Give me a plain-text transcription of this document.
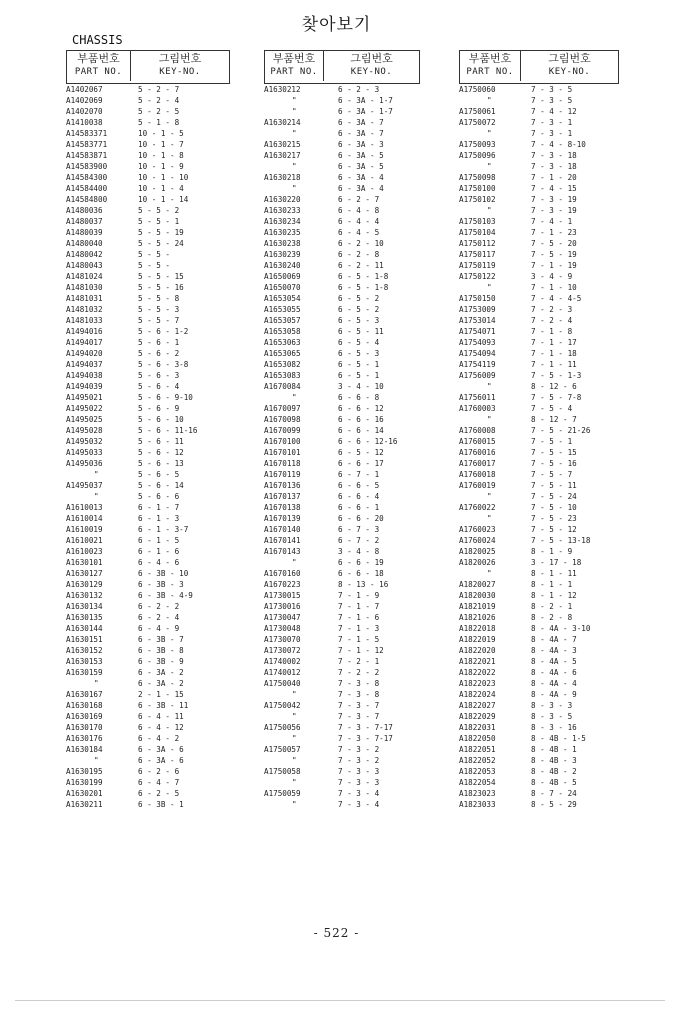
찾아보기
CHASSIS
부품번호
PART NO.
그림번호
KEY-NO.
A1402067	5 - 2 - 7
A1402069	5 - 2 - 4
A1402070	5 - 2 - 5
A1410038	5 - 1 - 8
A14583371	10 - 1 - 5
A14583771	10 - 1 - 7
A14583871	10 - 1 - 8
A14583900	10 - 1 - 9
A14584300	10 - 1 - 10
A14584400	10 - 1 - 4
A14584800	10 - 1 - 14
A1480036	5 - 5 - 2
A1480037	5 - 5 - 1
A1480039	5 - 5 - 19
A1480040	5 - 5 - 24
A1480042	5 - 5 -
A1480043	5 - 5 -
A1481024	5 - 5 - 15
A1481030	5 - 5 - 16
A1481031	5 - 5 - 8
A1481032	5 - 5 - 3
A1481033	5 - 5 - 7
A1494016	5 - 6 - 1-2
A1494017	5 - 6 - 1
A1494020	5 - 6 - 2
A1494037	5 - 6 - 3-8
A1494038	5 - 6 - 3
A1494039	5 - 6 - 4
A1495021	5 - 6 - 9-10
A1495022	5 - 6 - 9
A1495025	5 - 6 - 10
A1495028	5 - 6 - 11-16
A1495032	5 - 6 - 11
A1495033	5 - 6 - 12
A1495036	5 - 6 - 13
"	5 - 6 - 5
A1495037	5 - 6 - 14
"	5 - 6 - 6
A1610013	6 - 1 - 7
A1610014	6 - 1 - 3
A1610019	6 - 1 - 3-7
A1610021	6 - 1 - 5
A1610023	6 - 1 - 6
A1630101	6 - 4 - 6
A1630127	6 - 3B - 10
A1630129	6 - 3B - 3
A1630132	6 - 3B - 4-9
A1630134	6 - 2 - 2
A1630135	6 - 2 - 4
A1630144	6 - 4 - 9
A1630151	6 - 3B - 7
A1630152	6 - 3B - 8
A1630153	6 - 3B - 9
A1630159	6 - 3A - 2
"	6 - 3A - 2
A1630167	2 - 1 - 15
A1630168	6 - 3B - 11
A1630169	6 - 4 - 11
A1630170	6 - 4 - 12
A1630176	6 - 4 - 2
A1630184	6 - 3A - 6
"	6 - 3A - 6
A1630195	6 - 2 - 6
A1630199	6 - 4 - 7
A1630201	6 - 2 - 5
A1630211	6 - 3B - 1
부품번호
PART NO.
그림번호
KEY-NO.
A1630212	6 - 2 - 3
"	6 - 3A - 1-7
"	6 - 3A - 1-7
A1630214	6 - 3A - 7
"	6 - 3A - 7
A1630215	6 - 3A - 3
A1630217	6 - 3A - 5
"	6 - 3A - 5
A1630218	6 - 3A - 4
"	6 - 3A - 4
A1630220	6 - 2 - 7
A1630233	6 - 4 - 8
A1630234	6 - 4 - 4
A1630235	6 - 4 - 5
A1630238	6 - 2 - 10
A1630239	6 - 2 - 8
A1630240	6 - 2 - 11
A1650069	6 - 5 - 1-8
A1650070	6 - 5 - 1-8
A1653054	6 - 5 - 2
A1653055	6 - 5 - 2
A1653057	6 - 5 - 3
A1653058	6 - 5 - 11
A1653063	6 - 5 - 4
A1653065	6 - 5 - 3
A1653082	6 - 5 - 1
A1653083	6 - 5 - 1
A1670084	3 - 4 - 10
"	6 - 6 - 8
A1670097	6 - 6 - 12
A1670098	6 - 6 - 16
A1670099	6 - 6 - 14
A1670100	6 - 6 - 12-16
A1670101	6 - 5 - 12
A1670118	6 - 6 - 17
A1670119	6 - 7 - 1
A1670136	6 - 6 - 5
A1670137	6 - 6 - 4
A1670138	6 - 6 - 1
A1670139	6 - 6 - 20
A1670140	6 - 7 - 3
A1670141	6 - 7 - 2
A1670143	3 - 4 - 8
"	6 - 6 - 19
A1670160	6 - 6 - 18
A1670223	8 - 13 - 16
A1730015	7 - 1 - 9
A1730016	7 - 1 - 7
A1730047	7 - 1 - 6
A1730048	7 - 1 - 3
A1730070	7 - 1 - 5
A1730072	7 - 1 - 12
A1740002	7 - 2 - 1
A1740012	7 - 2 - 2
A1750040	7 - 3 - 8
"	7 - 3 - 8
A1750042	7 - 3 - 7
"	7 - 3 - 7
A1750056	7 - 3 - 7-17
"	7 - 3 - 7-17
A1750057	7 - 3 - 2
"	7 - 3 - 2
A1750058	7 - 3 - 3
"	7 - 3 - 3
A1750059	7 - 3 - 4
"	7 - 3 - 4
부품번호
PART NO.
그림번호
KEY-NO.
A1750060	7 - 3 - 5
"	7 - 3 - 5
A1750061	7 - 4 - 12
A1750072	7 - 3 - 1
"	7 - 3 - 1
A1750093	7 - 4 - 8-10
A1750096	7 - 3 - 18
"	7 - 3 - 18
A1750098	7 - 1 - 20
A1750100	7 - 4 - 15
A1750102	7 - 3 - 19
"	7 - 3 - 19
A1750103	7 - 4 - 1
A1750104	7 - 1 - 23
A1750112	7 - 5 - 20
A1750117	7 - 5 - 19
A1750119	7 - 1 - 19
A1750122	3 - 4 - 9
"	7 - 1 - 10
A1750150	7 - 4 - 4-5
A1753009	7 - 2 - 3
A1753014	7 - 2 - 4
A1754071	7 - 1 - 8
A1754093	7 - 1 - 17
A1754094	7 - 1 - 18
A1754119	7 - 1 - 11
A1756009	7 - 5 - 1-3
"	8 - 12 - 6
A1756011	7 - 5 - 7-8
A1760003	7 - 5 - 4
"	8 - 12 - 7
A1760008	7 - 5 - 21-26
A1760015	7 - 5 - 1
A1760016	7 - 5 - 15
A1760017	7 - 5 - 16
A1760018	7 - 5 - 7
A1760019	7 - 5 - 11
"	7 - 5 - 24
A1760022	7 - 5 - 10
"	7 - 5 - 23
A1760023	7 - 5 - 12
A1760024	7 - 5 - 13-18
A1820025	8 - 1 - 9
A1820026	3 - 17 - 18
"	8 - 1 - 11
A1820027	8 - 1 - 1
A1820030	8 - 1 - 12
A1821019	8 - 2 - 1
A1821026	8 - 2 - 8
A1822018	8 - 4A - 3-10
A1822019	8 - 4A - 7
A1822020	8 - 4A - 3
A1822021	8 - 4A - 5
A1822022	8 - 4A - 6
A1822023	8 - 4A - 4
A1822024	8 - 4A - 9
A1822027	8 - 3 - 3
A1822029	8 - 3 - 5
A1822031	8 - 3 - 16
A1822050	8 - 4B - 1-5
A1822051	8 - 4B - 1
A1822052	8 - 4B - 3
A1822053	8 - 4B - 2
A1822054	8 - 4B - 5
A1823023	8 - 7 - 24
A1823033	8 - 5 - 29
- 522 -
